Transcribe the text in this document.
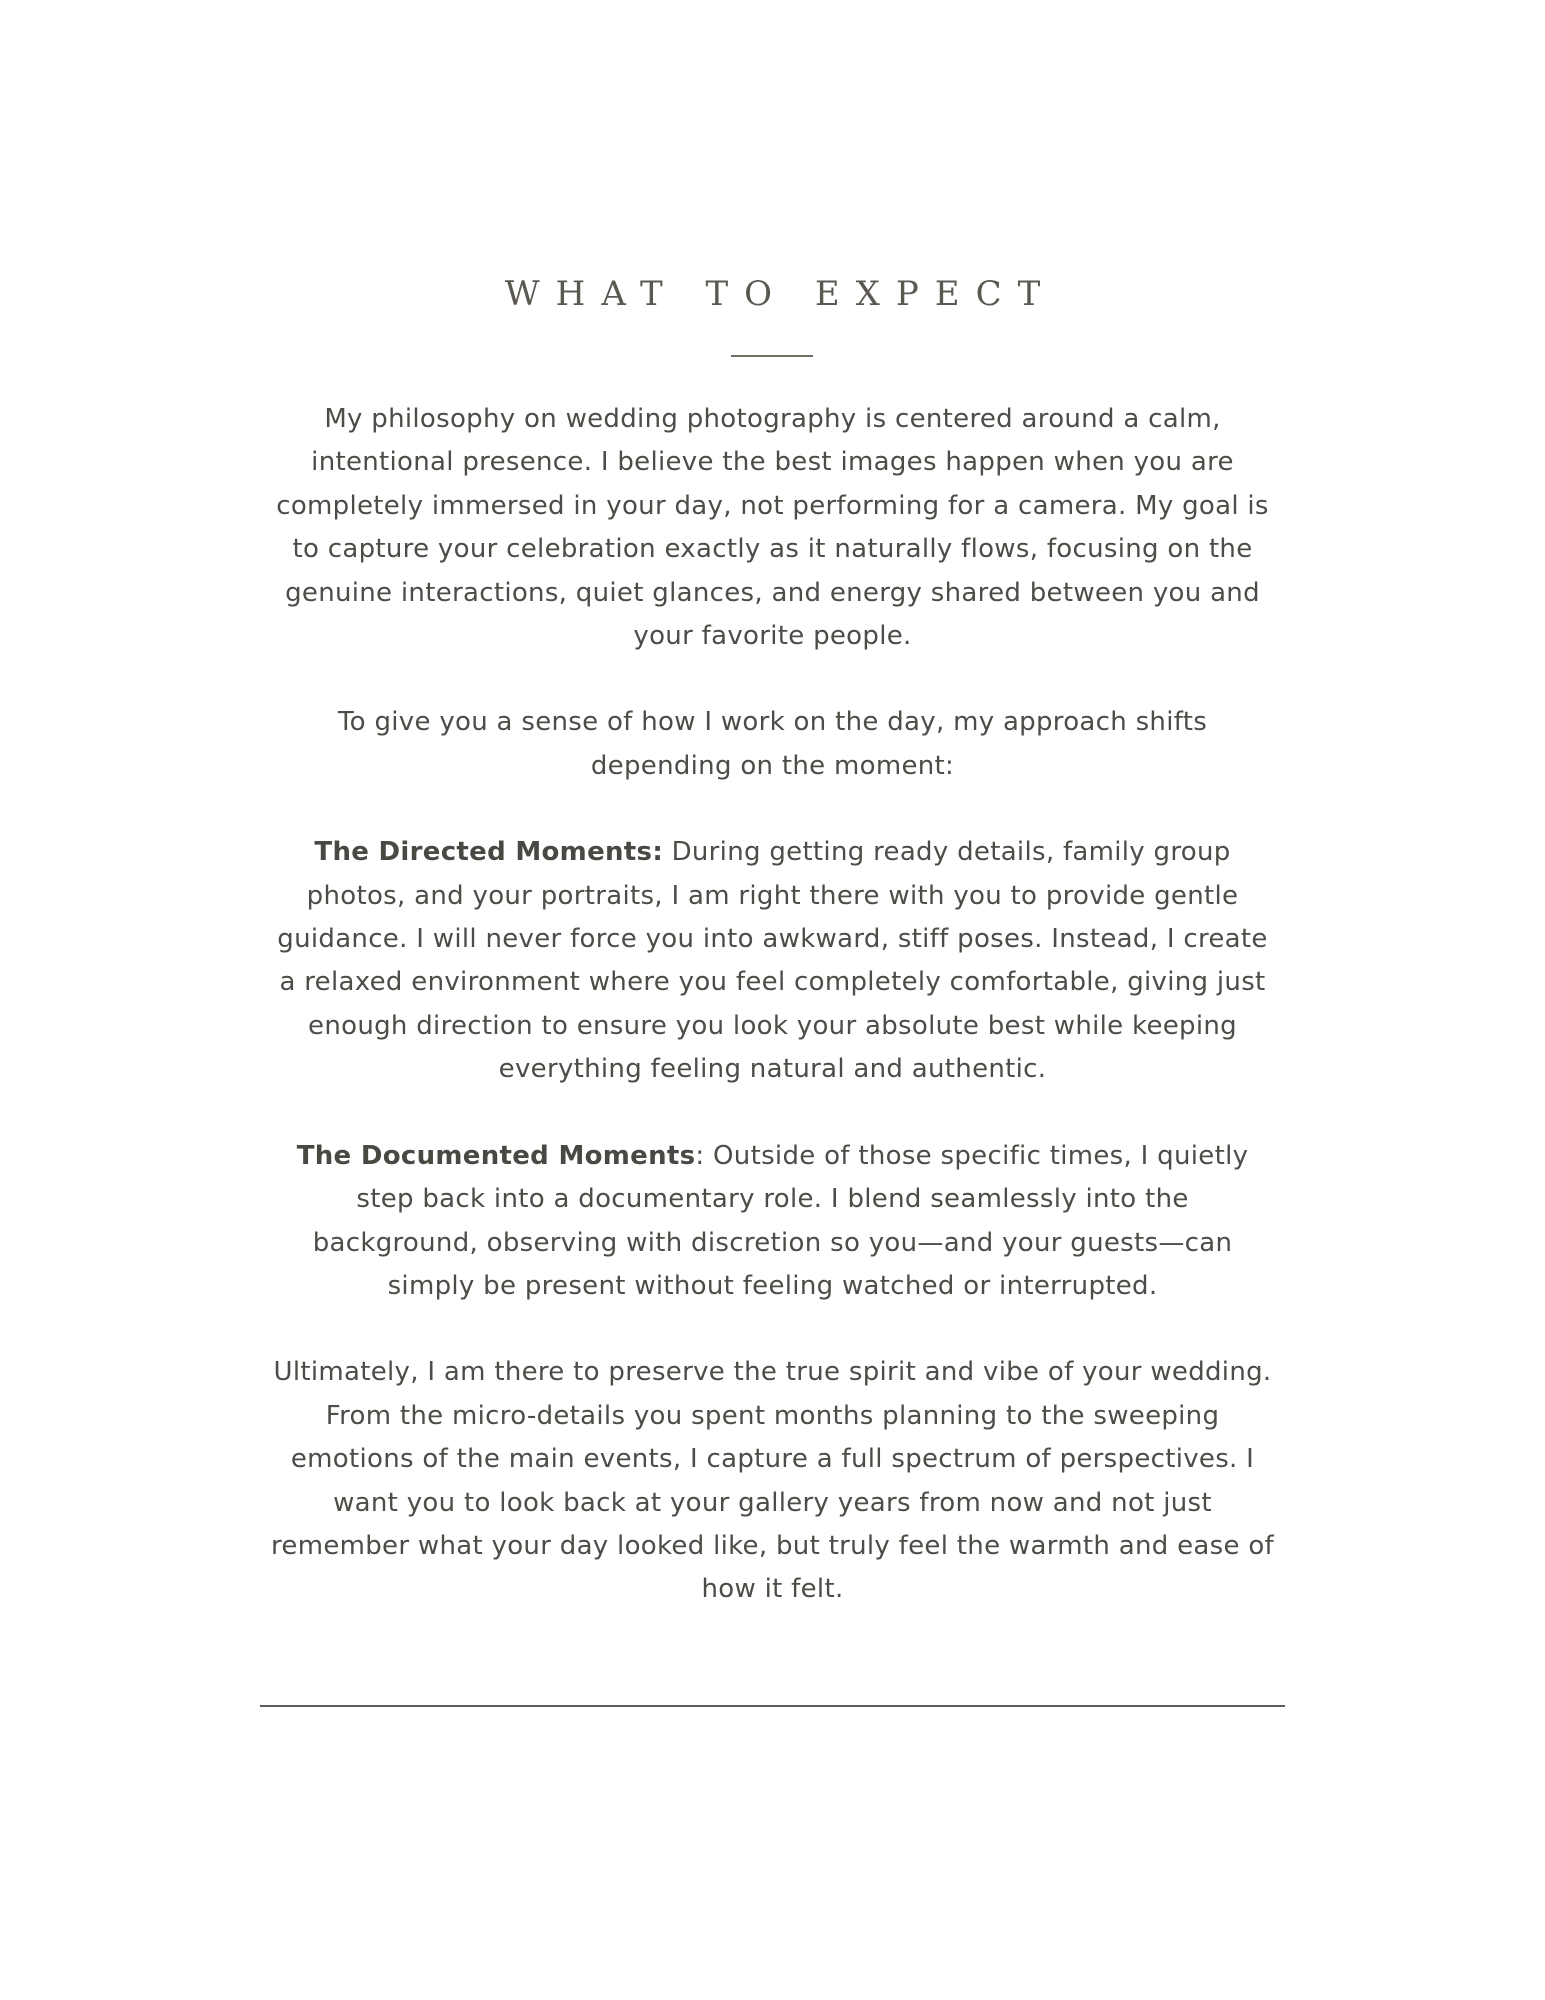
WHAT TO EXPECT

My philosophy on wedding photography is centered around a calm, intentional presence. I believe the best images happen when you are completely immersed in your day, not performing for a camera. My goal is to capture your celebration exactly as it naturally flows, focusing on the genuine interactions, quiet glances, and energy shared between you and your favorite people.

To give you a sense of how I work on the day, my approach shifts depending on the moment:

The Directed Moments: During getting ready details, family group photos, and your portraits, I am right there with you to provide gentle guidance. I will never force you into awkward, stiff poses. Instead, I create a relaxed environment where you feel completely comfortable, giving just enough direction to ensure you look your absolute best while keeping everything feeling natural and authentic.

The Documented Moments: Outside of those specific times, I quietly step back into a documentary role. I blend seamlessly into the background, observing with discretion so you—and your guests—can simply be present without feeling watched or interrupted.

Ultimately, I am there to preserve the true spirit and vibe of your wedding. From the micro-details you spent months planning to the sweeping emotions of the main events, I capture a full spectrum of perspectives. I want you to look back at your gallery years from now and not just remember what your day looked like, but truly feel the warmth and ease of how it felt.
